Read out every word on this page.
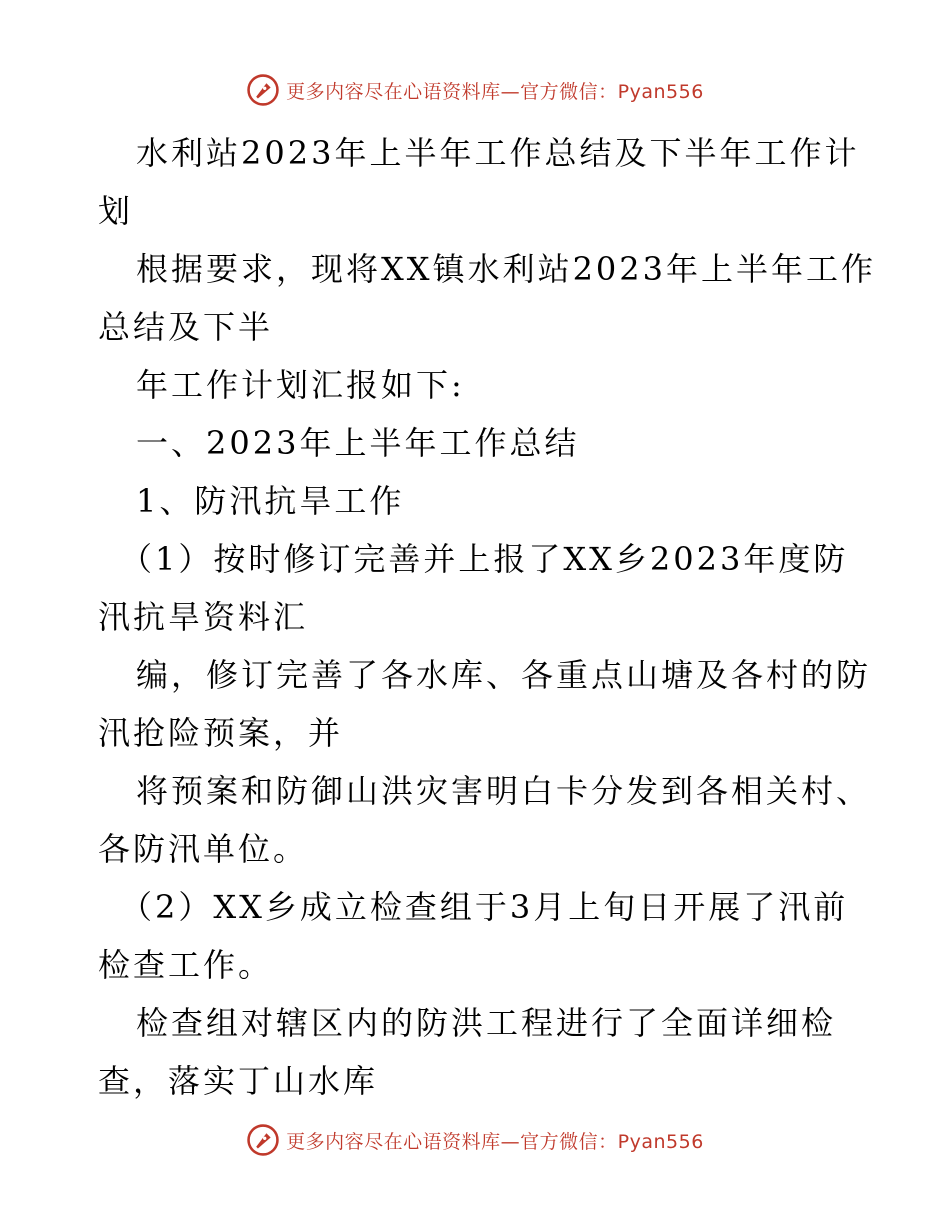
更多内容尽在心语资料库—官方微信：Pyan556
水利站2023年上半年工作总结及下半年工作计
划
根据要求，现将XX镇水利站2023年上半年工作
总结及下半
年工作计划汇报如下:
一、2023年上半年工作总结
1、防汛抗旱工作
（1）按时修订完善并上报了XX乡2023年度防
汛抗旱资料汇
编，修订完善了各水库、各重点山塘及各村的防
汛抢险预案，并
将预案和防御山洪灾害明白卡分发到各相关村、
各防汛单位。
（2）XX乡成立检查组于3月上旬日开展了汛前
检查工作。
检查组对辖区内的防洪工程进行了全面详细检
查，落实丁山水库
更多内容尽在心语资料库—官方微信：Pyan556
